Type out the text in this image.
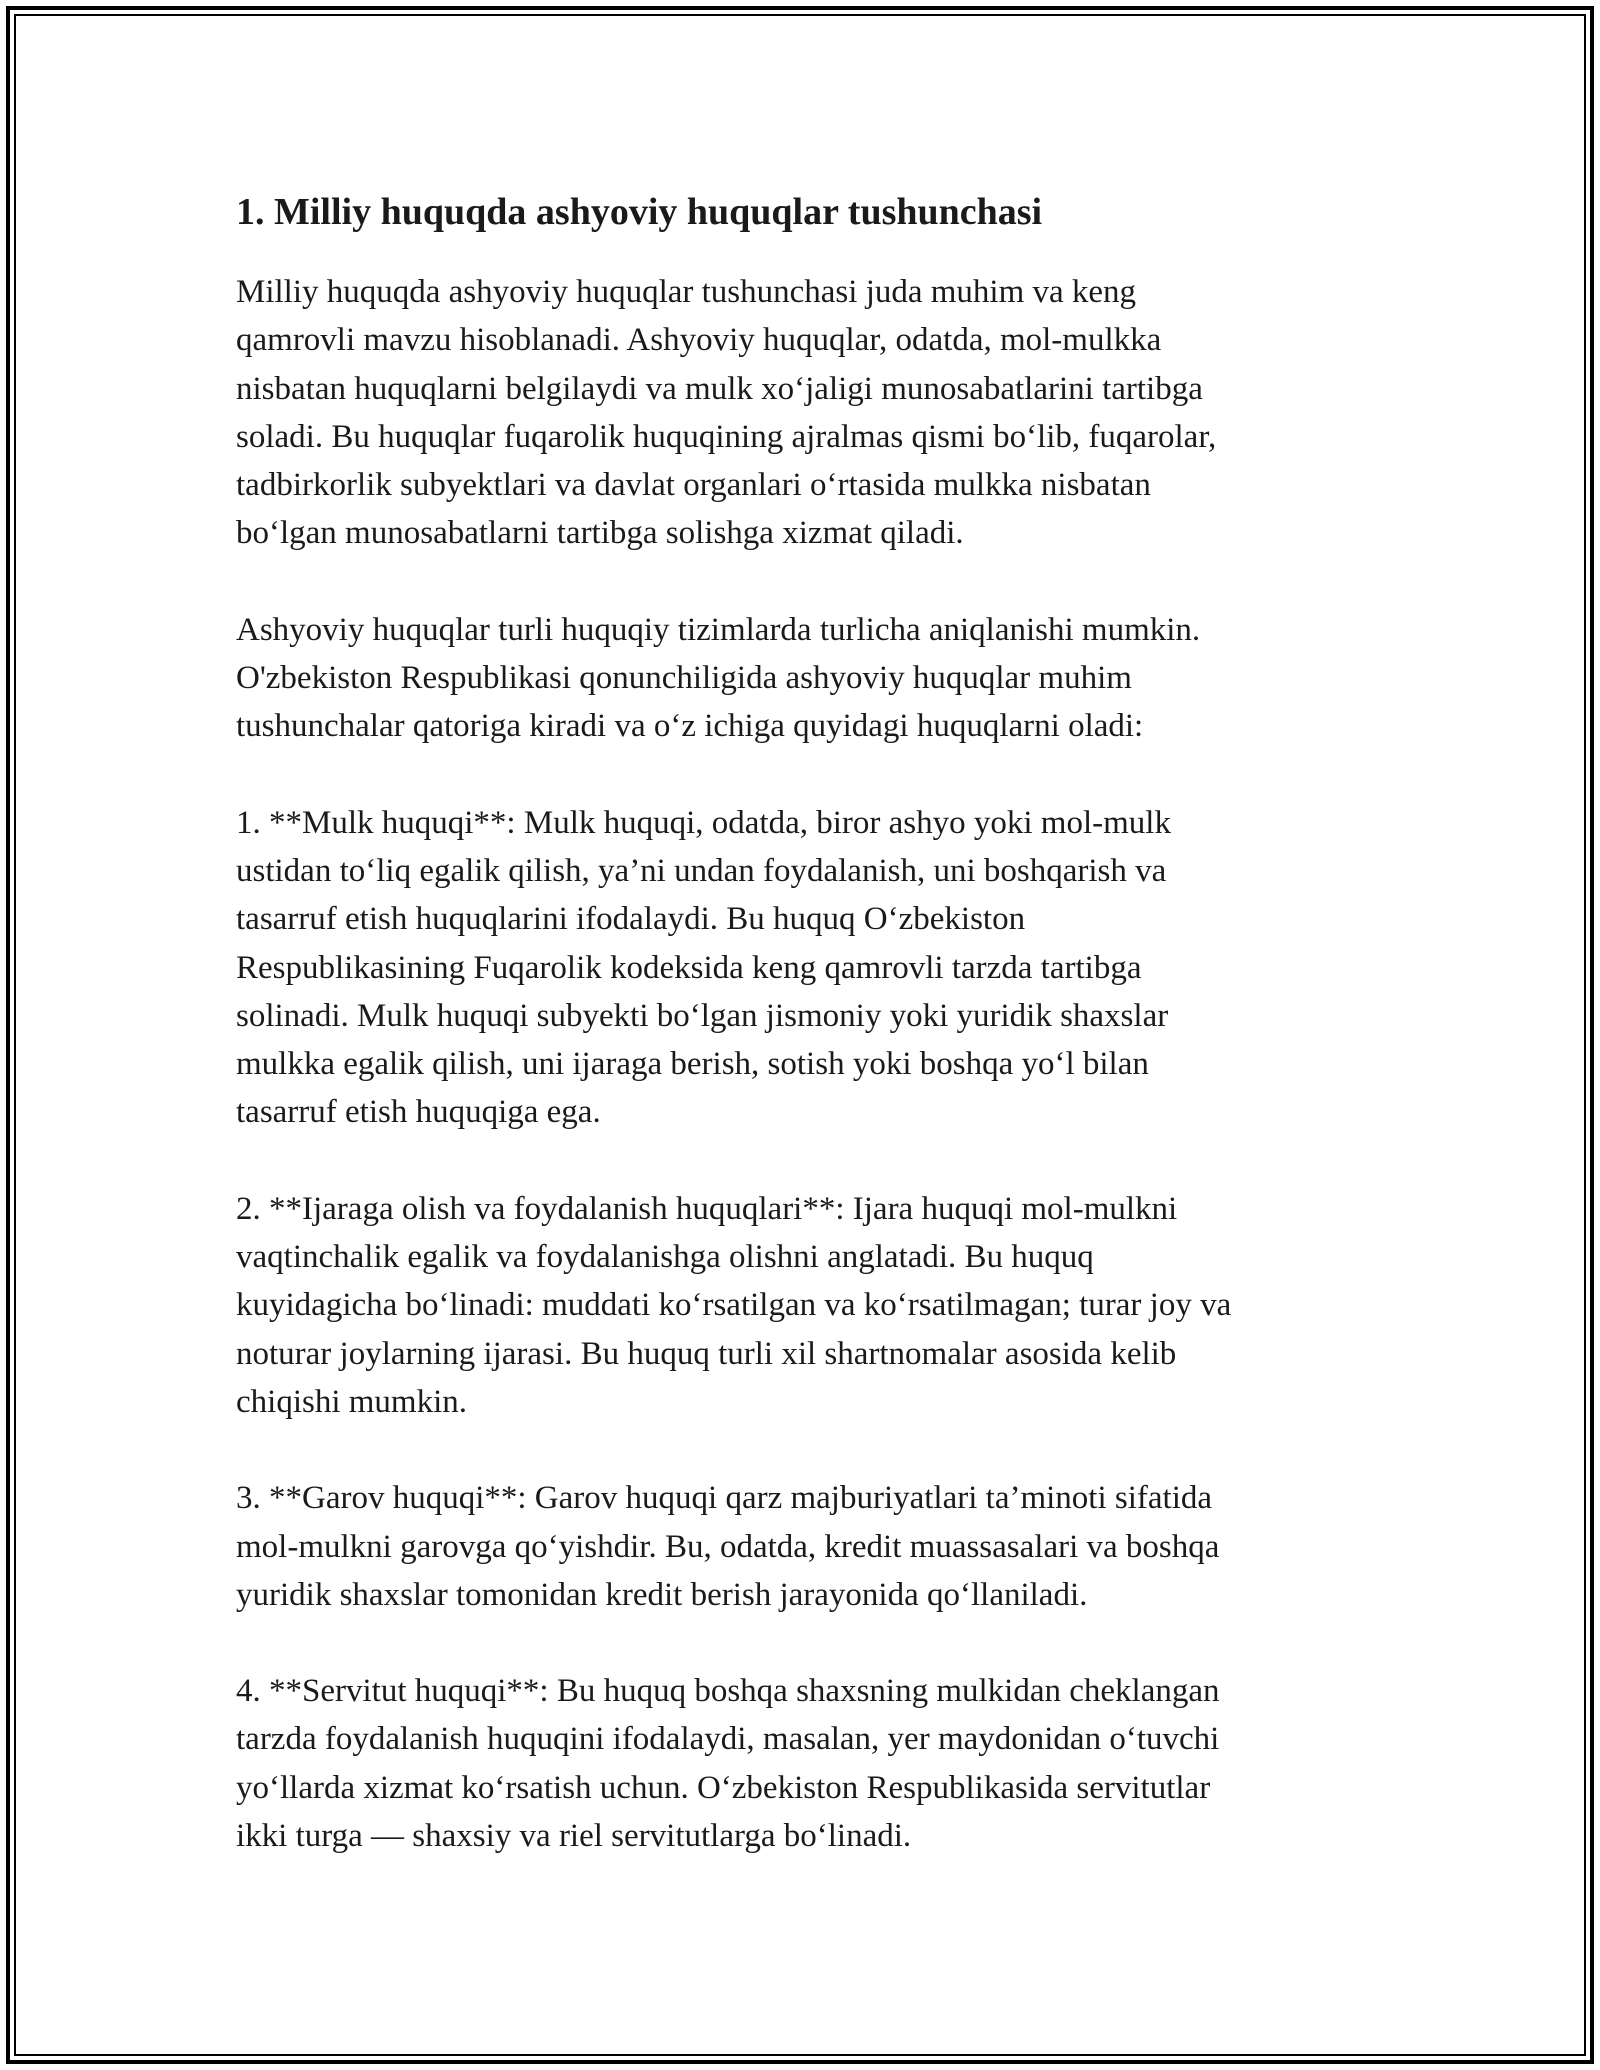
1. Milliy huquqda ashyoviy huquqlar tushunchasi

Milliy huquqda ashyoviy huquqlar tushunchasi juda muhim va keng
qamrovli mavzu hisoblanadi. Ashyoviy huquqlar, odatda, mol-mulkka
nisbatan huquqlarni belgilaydi va mulk xo‘jaligi munosabatlarini tartibga
soladi. Bu huquqlar fuqarolik huquqining ajralmas qismi bo‘lib, fuqarolar,
tadbirkorlik subyektlari va davlat organlari o‘rtasida mulkka nisbatan
bo‘lgan munosabatlarni tartibga solishga xizmat qiladi.

Ashyoviy huquqlar turli huquqiy tizimlarda turlicha aniqlanishi mumkin.
O'zbekiston Respublikasi qonunchiligida ashyoviy huquqlar muhim
tushunchalar qatoriga kiradi va o‘z ichiga quyidagi huquqlarni oladi:

1. **Mulk huquqi**: Mulk huquqi, odatda, biror ashyo yoki mol-mulk
ustidan to‘liq egalik qilish, ya’ni undan foydalanish, uni boshqarish va
tasarruf etish huquqlarini ifodalaydi. Bu huquq O‘zbekiston
Respublikasining Fuqarolik kodeksida keng qamrovli tarzda tartibga
solinadi. Mulk huquqi subyekti bo‘lgan jismoniy yoki yuridik shaxslar
mulkka egalik qilish, uni ijaraga berish, sotish yoki boshqa yo‘l bilan
tasarruf etish huquqiga ega.

2. **Ijaraga olish va foydalanish huquqlari**: Ijara huquqi mol-mulkni
vaqtinchalik egalik va foydalanishga olishni anglatadi. Bu huquq
kuyidagicha bo‘linadi: muddati ko‘rsatilgan va ko‘rsatilmagan; turar joy va
noturar joylarning ijarasi. Bu huquq turli xil shartnomalar asosida kelib
chiqishi mumkin.

3. **Garov huquqi**: Garov huquqi qarz majburiyatlari ta’minoti sifatida
mol-mulkni garovga qo‘yishdir. Bu, odatda, kredit muassasalari va boshqa
yuridik shaxslar tomonidan kredit berish jarayonida qo‘llaniladi.

4. **Servitut huquqi**: Bu huquq boshqa shaxsning mulkidan cheklangan
tarzda foydalanish huquqini ifodalaydi, masalan, yer maydonidan o‘tuvchi
yo‘llarda xizmat ko‘rsatish uchun. O‘zbekiston Respublikasida servitutlar
ikki turga — shaxsiy va riel servitutlarga bo‘linadi.
